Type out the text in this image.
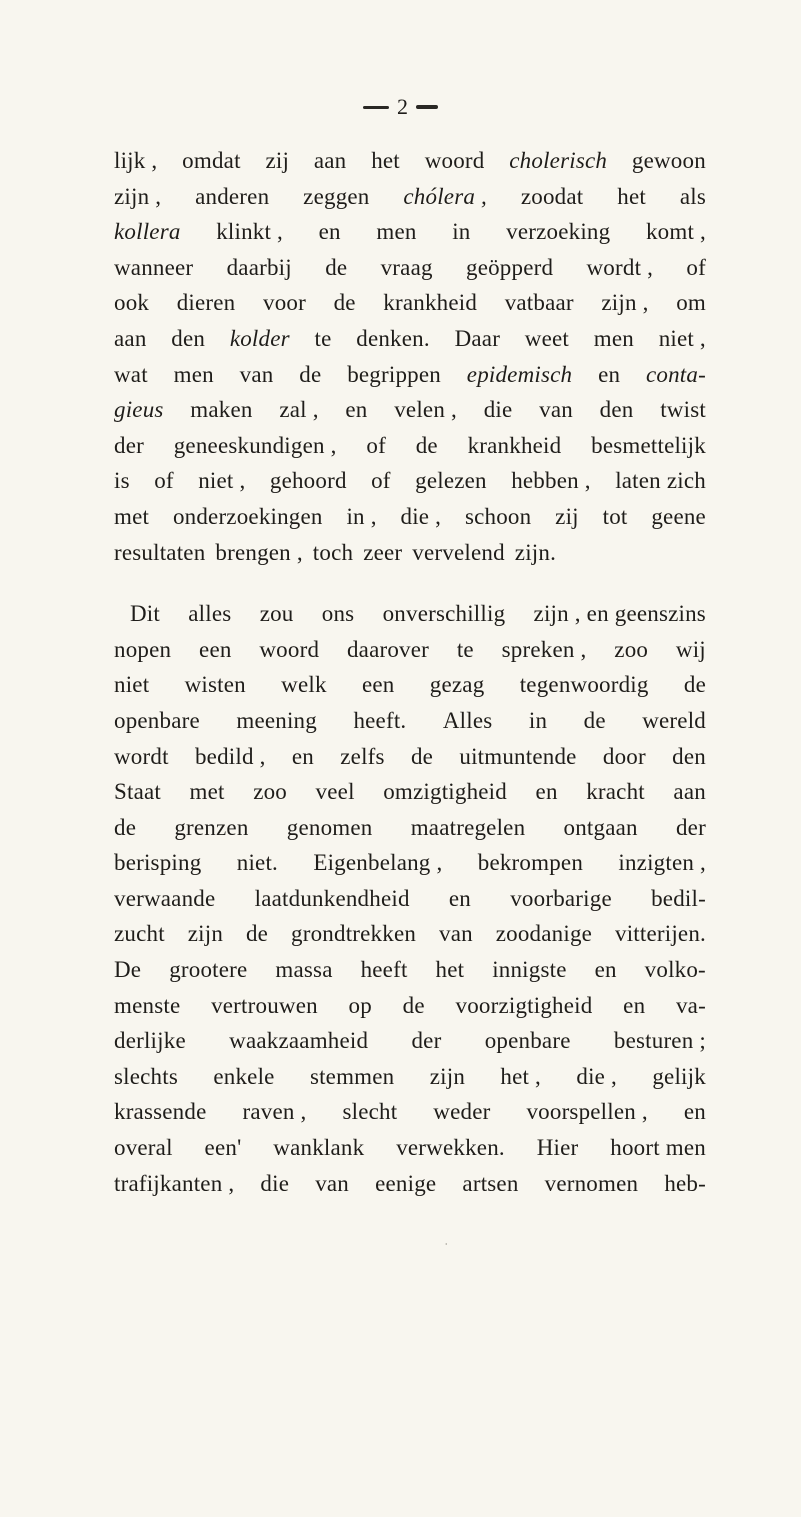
2
lijk , omdat zij aan het woord cholerisch gewoon
zijn , anderen zeggen chólera , zoodat het als
kollera klinkt , en men in verzoeking komt ,
wanneer daarbij de vraag geöpperd wordt , of
ook dieren voor de krankheid vatbaar zijn , om
aan den kolder te denken. Daar weet men niet ,
wat men van de begrippen epidemisch en conta-
gieus maken zal , en velen , die van den twist
der geneeskundigen , of de krankheid besmettelijk
is of niet , gehoord of gelezen hebben , laten zich
met onderzoekingen in , die , schoon zij tot geene
resultaten brengen , toch zeer vervelend zijn.
Dit alles zou ons onverschillig zijn , en geenszins
nopen een woord daarover te spreken , zoo wij
niet wisten welk een gezag tegenwoordig de
openbare meening heeft. Alles in de wereld
wordt bedild , en zelfs de uitmuntende door den
Staat met zoo veel omzigtigheid en kracht aan
de grenzen genomen maatregelen ontgaan der
berisping niet. Eigenbelang , bekrompen inzigten ,
verwaande laatdunkendheid en voorbarige bedil-
zucht zijn de grondtrekken van zoodanige vitterijen.
De grootere massa heeft het innigste en volko-
menste vertrouwen op de voorzigtigheid en va-
derlijke waakzaamheid der openbare besturen ;
slechts enkele stemmen zijn het , die , gelijk
krassende raven , slecht weder voorspellen , en
overal een' wanklank verwekken. Hier hoort men
trafijkanten , die van eenige artsen vernomen heb-
ˈ
